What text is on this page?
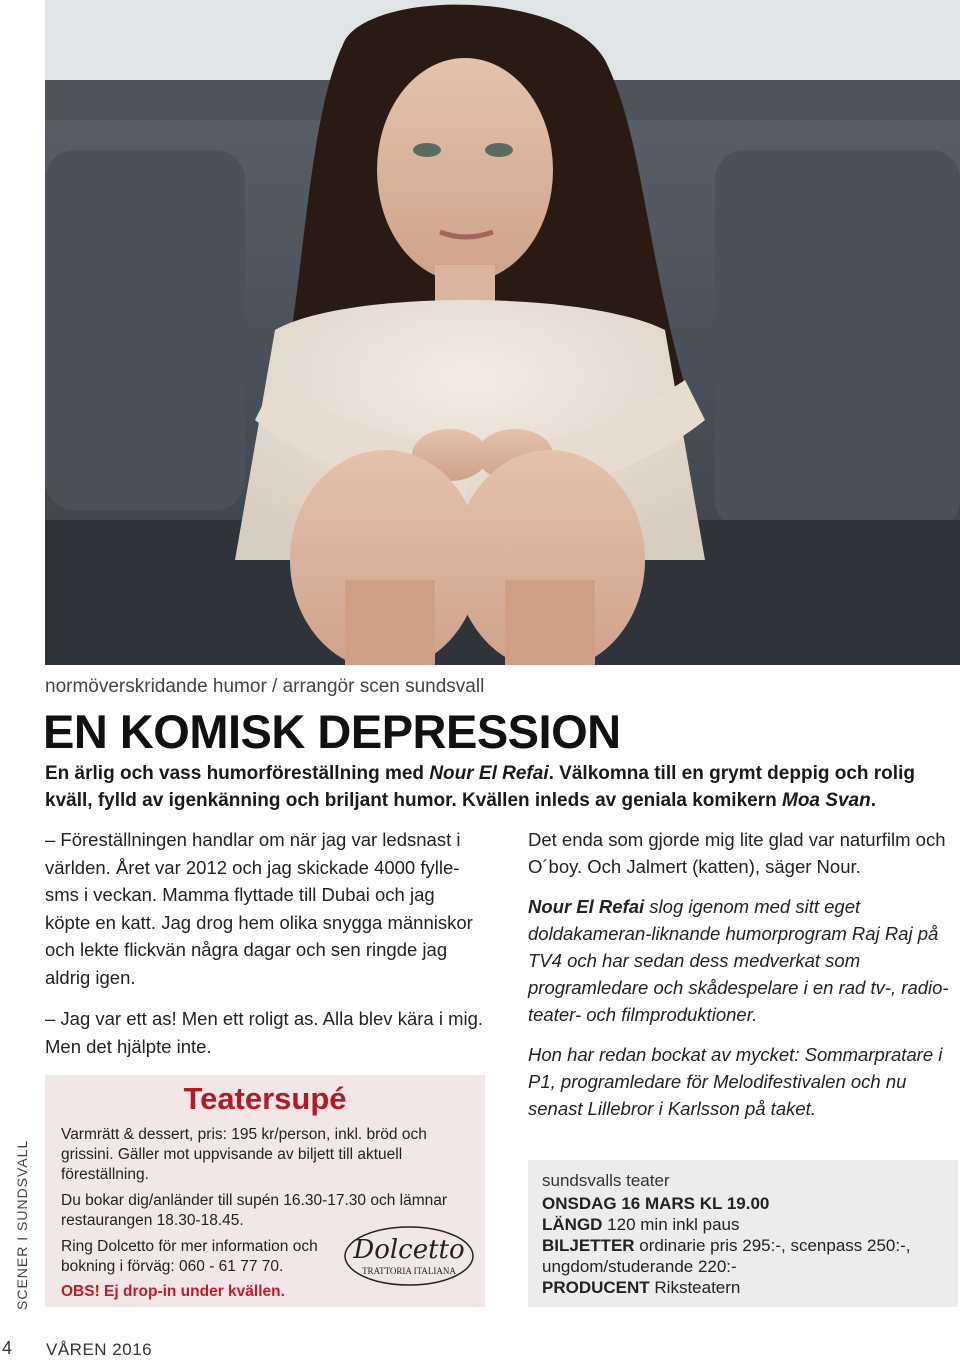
SCENER I SUNDSVALL
4 VÅREN 2016
normöverskridande humor / arrangör scen sundsvall
EN KOMISK DEPRESSION

En ärlig och vass humorföreställning med Nour El Refai. Välkomna till en grymt deppig och rolig kväll, fylld av igenkänning och briljant humor. Kvällen inleds av geniala komikern Moa Svan.

– Föreställningen handlar om när jag var ledsnast i världen. Året var 2012 och jag skickade 4000 fylle-sms i veckan. Mamma flyttade till Dubai och jag köpte en katt. Jag drog hem olika snygga människor och lekte flickvän några dagar och sen ringde jag aldrig igen.

– Jag var ett as! Men ett roligt as. Alla blev kära i mig. Men det hjälpte inte.

Teatersupé

Varmrätt & dessert, pris: 195 kr/person, inkl. bröd och grissini. Gäller mot uppvisande av biljett till aktuell föreställning.

Du bokar dig/anländer till supén 16.30-17.30 och lämnar restaurangen 18.30-18.45.

Ring Dolcetto för mer information och bokning i förväg: 060 - 61 77 70.

OBS! Ej drop-in under kvällen.
Dolcetto
TRATTORIA ITALIANA

Det enda som gjorde mig lite glad var naturfilm och O´boy. Och Jalmert (katten), säger Nour.

Nour El Refai slog igenom med sitt eget doldakameran-liknande humorprogram Raj Raj på TV4 och har sedan dess medverkat som programledare och skådespelare i en rad tv-, radio- teater- och filmproduktioner.

Hon har redan bockat av mycket: Sommarpratare i P1, programledare för Melodifestivalen och nu senast Lillebror i Karlsson på taket.

sundsvalls teater
ONSDAG 16 MARS KL 19.00
LÄNGD 120 min inkl paus
BILJETTER ordinarie pris 295:-, scenpass 250:-, ungdom/studerande 220:-
PRODUCENT Riksteatern
